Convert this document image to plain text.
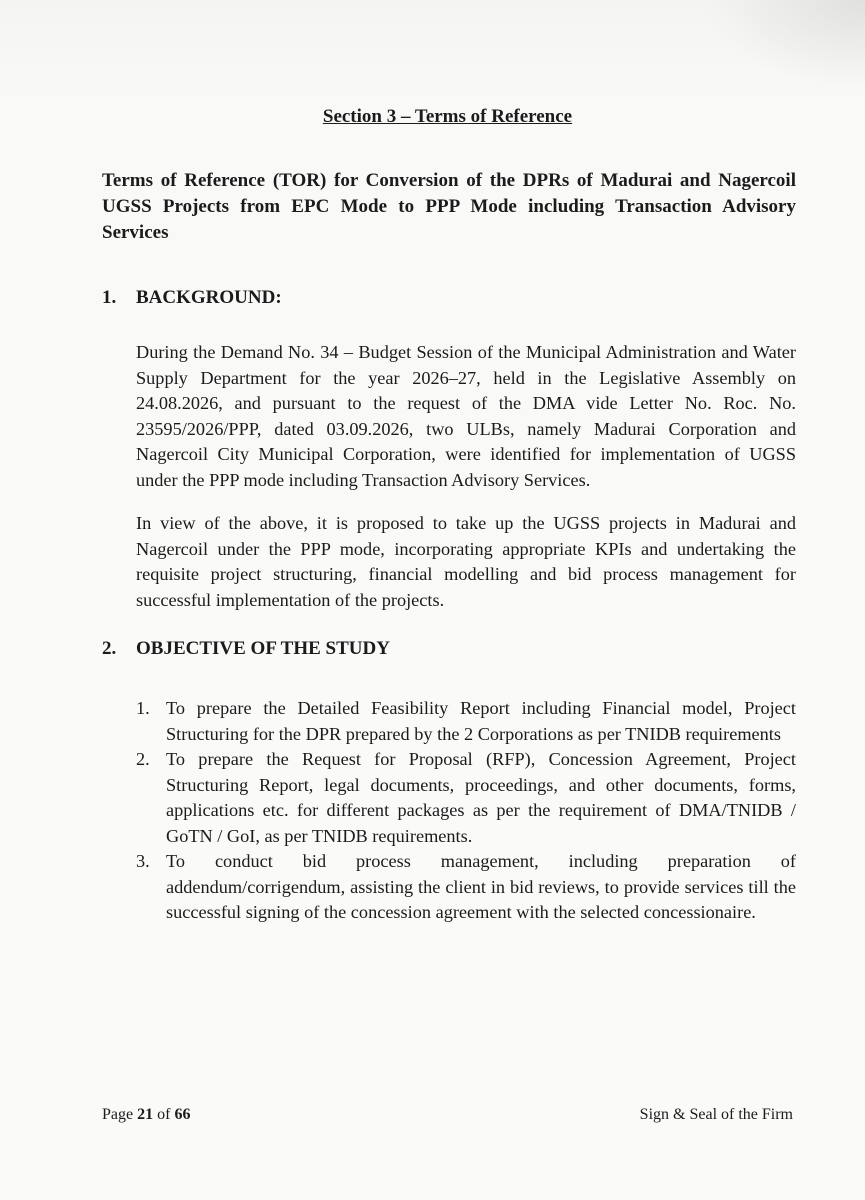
Section 3 – Terms of Reference
Terms of Reference (TOR) for Conversion of the DPRs of Madurai and Nagercoil UGSS Projects from EPC Mode to PPP Mode including Transaction Advisory Services
1. BACKGROUND:
During the Demand No. 34 – Budget Session of the Municipal Administration and Water Supply Department for the year 2026–27, held in the Legislative Assembly on 24.08.2026, and pursuant to the request of the DMA vide Letter No. Roc. No. 23595/2026/PPP, dated 03.09.2026, two ULBs, namely Madurai Corporation and Nagercoil City Municipal Corporation, were identified for implementation of UGSS under the PPP mode including Transaction Advisory Services.
In view of the above, it is proposed to take up the UGSS projects in Madurai and Nagercoil under the PPP mode, incorporating appropriate KPIs and undertaking the requisite project structuring, financial modelling and bid process management for successful implementation of the projects.
2. OBJECTIVE OF THE STUDY
1. To prepare the Detailed Feasibility Report including Financial model, Project Structuring for the DPR prepared by the 2 Corporations as per TNIDB requirements
2. To prepare the Request for Proposal (RFP), Concession Agreement, Project Structuring Report, legal documents, proceedings, and other documents, forms, applications etc. for different packages as per the requirement of DMA/TNIDB / GoTN / GoI, as per TNIDB requirements.
3. To conduct bid process management, including preparation of addendum/corrigendum, assisting the client in bid reviews, to provide services till the successful signing of the concession agreement with the selected concessionaire.
Page 21 of 66	Sign & Seal of the Firm
